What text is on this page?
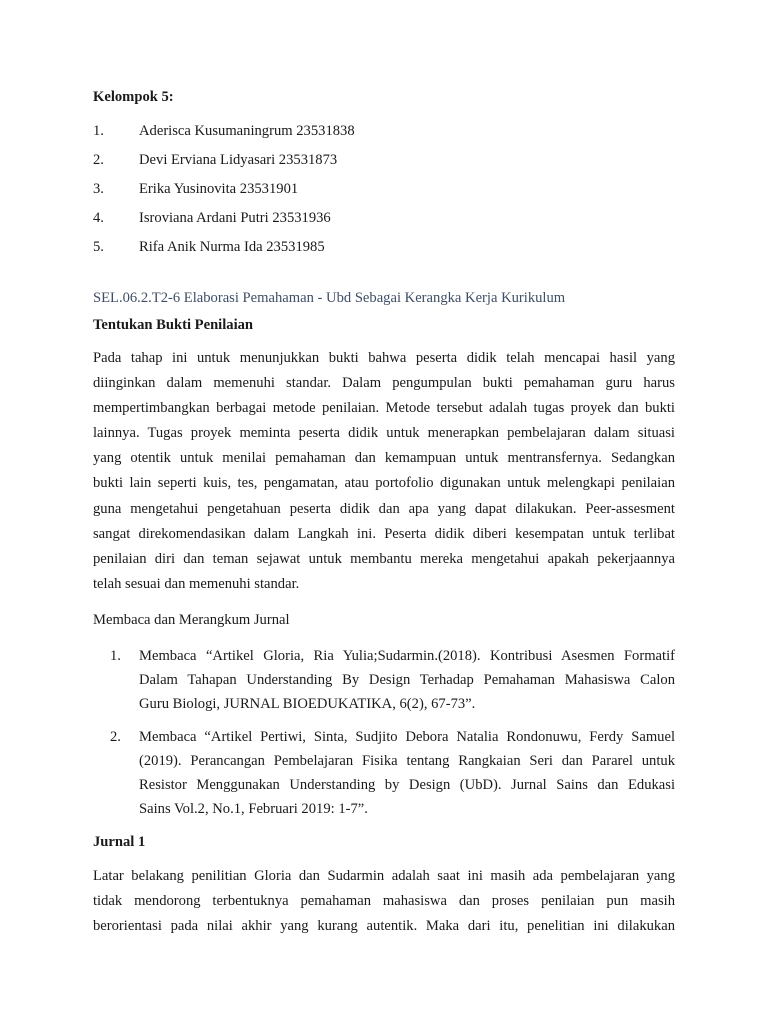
Kelompok 5:

1.	Aderisca Kusumaningrum 23531838
2.	Devi Erviana Lidyasari 23531873
3.	Erika Yusinovita 23531901
4.	Isroviana Ardani Putri 23531936
5.	Rifa Anik Nurma Ida 23531985

SEL.06.2.T2-6 Elaborasi Pemahaman - Ubd Sebagai Kerangka Kerja Kurikulum

Tentukan Bukti Penilaian

Pada tahap ini untuk menunjukkan bukti bahwa peserta didik telah mencapai hasil yang
diinginkan dalam memenuhi standar. Dalam pengumpulan bukti pemahaman guru harus
mempertimbangkan berbagai metode penilaian. Metode tersebut adalah tugas proyek dan bukti
lainnya. Tugas proyek meminta peserta didik untuk menerapkan pembelajaran dalam situasi
yang otentik untuk menilai pemahaman dan kemampuan untuk mentransfernya. Sedangkan
bukti lain seperti kuis, tes, pengamatan, atau portofolio digunakan untuk melengkapi penilaian
guna mengetahui pengetahuan peserta didik dan apa yang dapat dilakukan. Peer-assesment
sangat direkomendasikan dalam Langkah ini. Peserta didik diberi kesempatan untuk terlibat
penilaian diri dan teman sejawat untuk membantu mereka mengetahui apakah pekerjaannya
telah sesuai dan memenuhi standar.

Membaca dan Merangkum Jurnal

1.	Membaca “Artikel Gloria, Ria Yulia;Sudarmin.(2018). Kontribusi Asesmen Formatif
Dalam Tahapan Understanding By Design Terhadap Pemahaman Mahasiswa Calon
Guru Biologi, JURNAL BIOEDUKATIKA, 6(2), 67-73”.
2.	Membaca “Artikel Pertiwi, Sinta, Sudjito Debora Natalia Rondonuwu, Ferdy Samuel
(2019). Perancangan Pembelajaran Fisika tentang Rangkaian Seri dan Pararel untuk
Resistor Menggunakan Understanding by Design (UbD). Jurnal Sains dan Edukasi
Sains Vol.2, No.1, Februari 2019: 1-7”.

Jurnal 1

Latar belakang penilitian Gloria dan Sudarmin adalah saat ini masih ada pembelajaran yang
tidak mendorong terbentuknya pemahaman mahasiswa dan proses penilaian pun masih
berorientasi pada nilai akhir yang kurang autentik. Maka dari itu, penelitian ini dilakukan
